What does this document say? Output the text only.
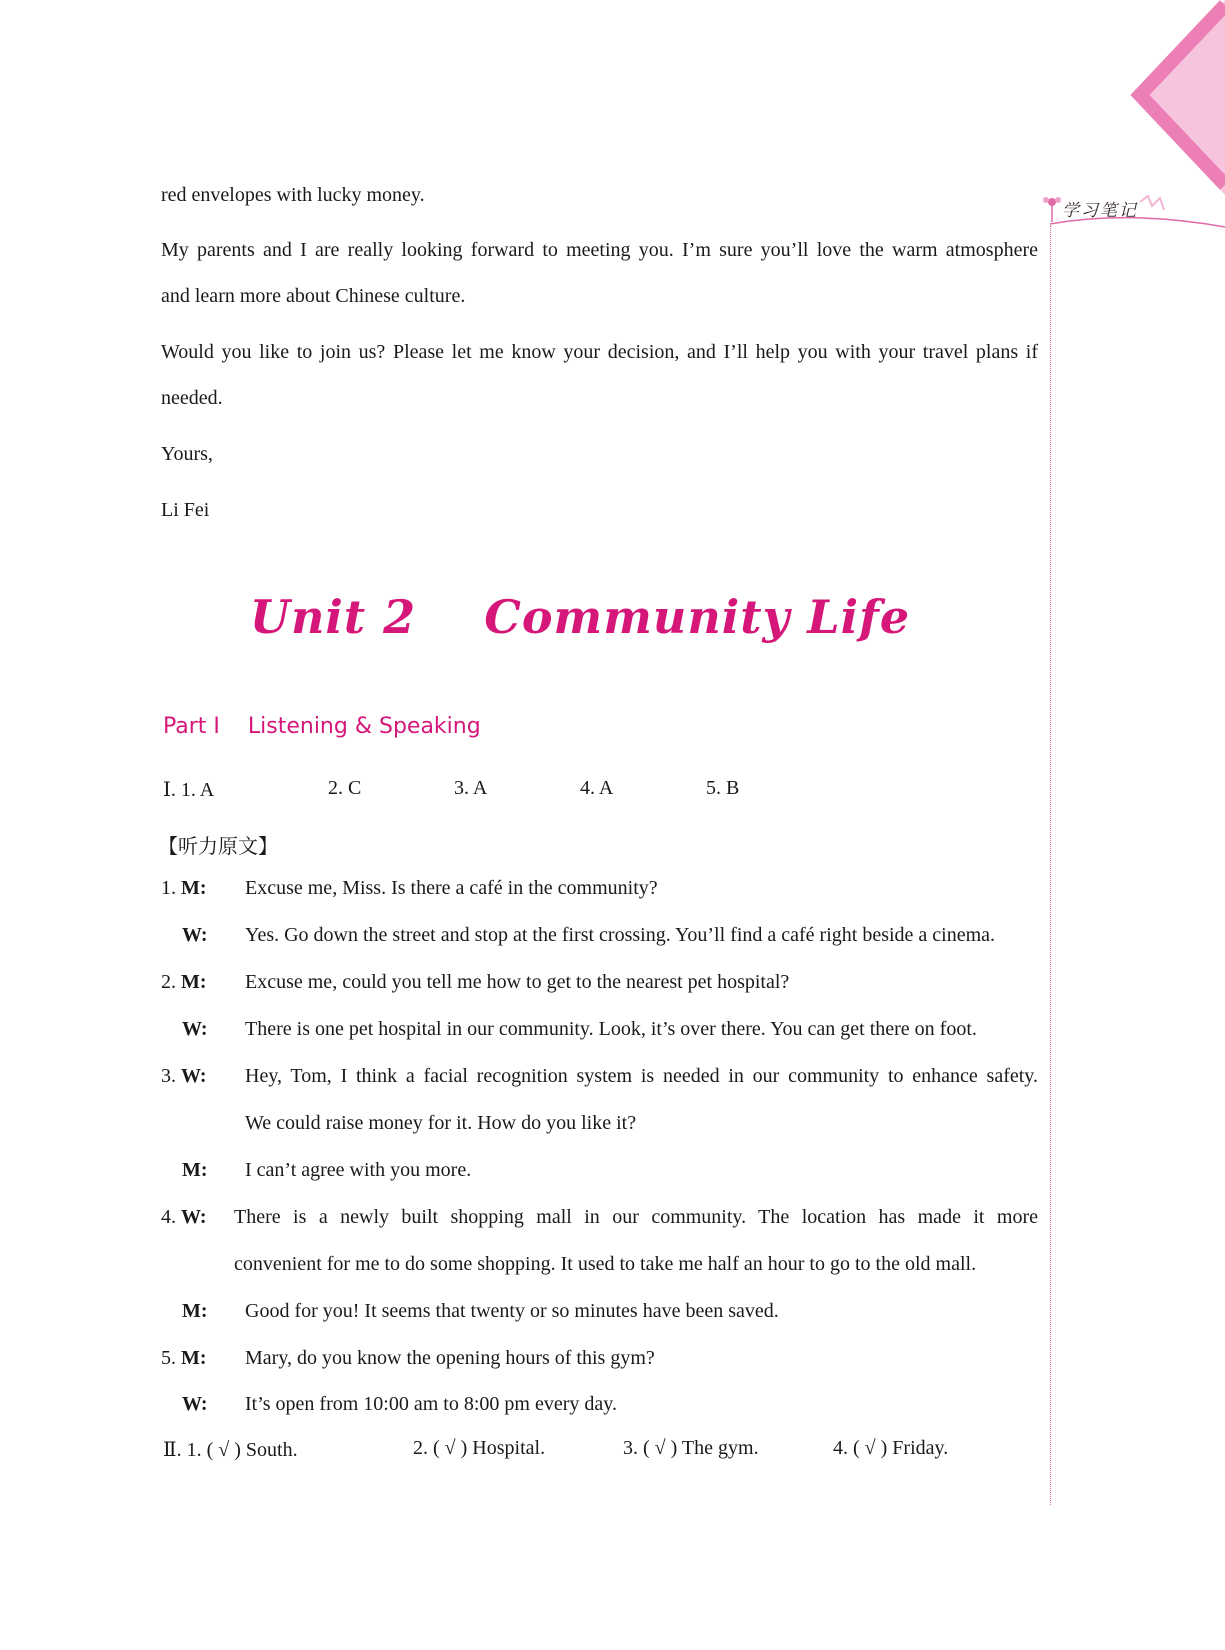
学习笔记
red envelopes with lucky money.
My parents and I are really looking forward to meeting you. I’m sure you’ll love the warm atmosphere
and learn more about Chinese culture.
Would you like to join us? Please let me know your decision, and I’ll help you with your travel plans if
needed.
Yours,
Li Fei
Unit 2    Community Life
Part I    Listening & Speaking
Ⅰ. 1. A	2. C	3. A	4. A	5. B
【听力原文】
1. M: Excuse me, Miss. Is there a café in the community?
W: Yes. Go down the street and stop at the first crossing. You’ll find a café right beside a cinema.
2. M: Excuse me, could you tell me how to get to the nearest pet hospital?
W: There is one pet hospital in our community. Look, it’s over there. You can get there on foot.
3. W: Hey, Tom, I think a facial recognition system is needed in our community to enhance safety.
We could raise money for it. How do you like it?
M: I can’t agree with you more.
4. W: There is a newly built shopping mall in our community. The location has made it more
convenient for me to do some shopping. It used to take me half an hour to go to the old mall.
M: Good for you! It seems that twenty or so minutes have been saved.
5. M: Mary, do you know the opening hours of this gym?
W: It’s open from 10:00 am to 8:00 pm every day.
Ⅱ. 1. ( √ ) South.	2. ( √ ) Hospital.	3. ( √ ) The gym.	4. ( √ ) Friday.
